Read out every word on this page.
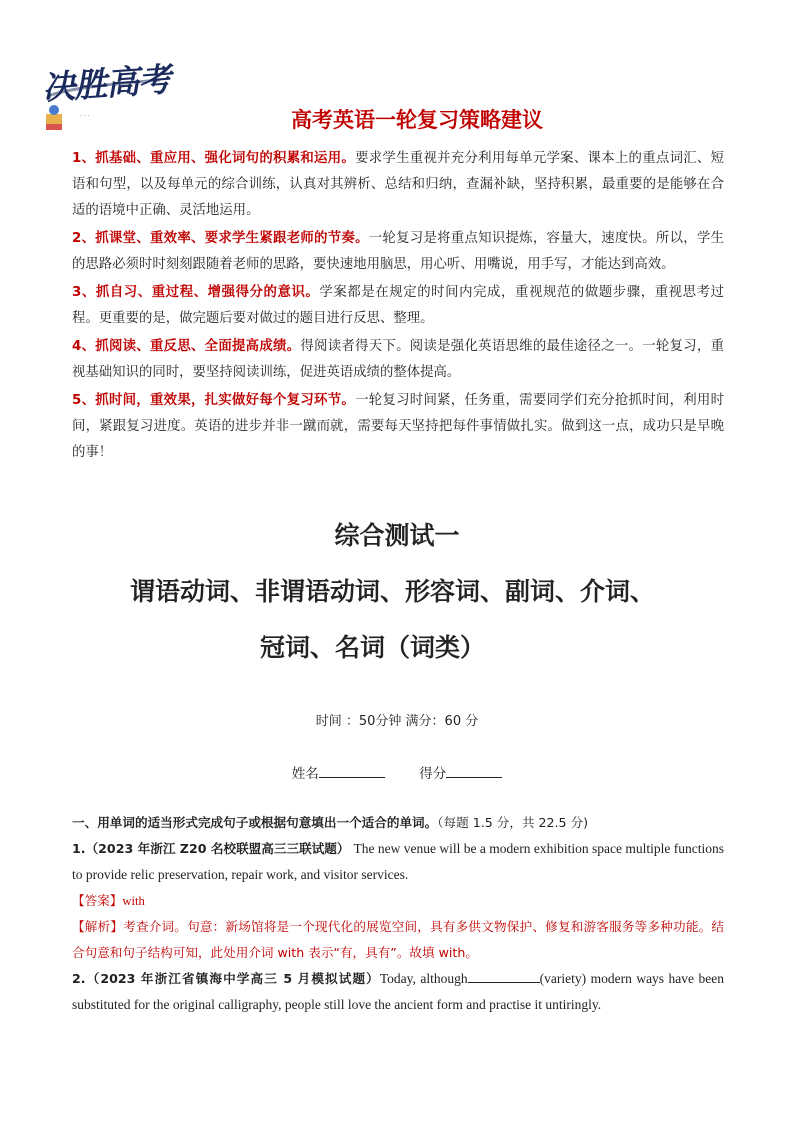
· · ·
决胜高考
高考英语一轮复习策略建议

1、抓基础、重应用、强化词句的积累和运用。要求学生重视并充分利用每单元学案、课本上的重点词汇、短语和句型，以及每单元的综合训练，认真对其辨析、总结和归纳，查漏补缺，坚持积累，最重要的是能够在合适的语境中正确、灵活地运用。

2、抓课堂、重效率、要求学生紧跟老师的节奏。一轮复习是将重点知识提炼，容量大，速度快。所以，学生的思路必须时时刻刻跟随着老师的思路，要快速地用脑思，用心听、用嘴说，用手写，才能达到高效。

3、抓自习、重过程、增强得分的意识。学案都是在规定的时间内完成，重视规范的做题步骤，重视思考过程。更重要的是，做完题后要对做过的题目进行反思、整理。

4、抓阅读、重反思、全面提高成绩。得阅读者得天下。阅读是强化英语思维的最佳途径之一。一轮复习，重视基础知识的同时，要坚持阅读训练，促进英语成绩的整体提高。

5、抓时间，重效果，扎实做好每个复习环节。一轮复习时间紧，任务重，需要同学们充分抢抓时间，利用时间，紧跟复习进度。英语的进步并非一蹴而就，需要每天坚持把每件事情做扎实。做到这一点，成功只是早晚的事！

综合测试一
谓语动词、非谓语动词、形容词、副词、介词、
冠词、名词（词类）
时间 ：50分钟 满分：60 分
姓名	得分

一、用单词的适当形式完成句子或根据句意填出一个适合的单词。（每题 1.5 分，共 22.5 分)

1.（2023 年浙江 Z20 名校联盟高三三联试题） The new venue will be a modern exhibition space multiple functions to provide relic preservation, repair work, and visitor services.

【答案】with

【解析】考查介词。句意：新场馆将是一个现代化的展览空间，具有多供文物保护、修复和游客服务等多种功能。结合句意和句子结构可知，此处用介词 with 表示“有，具有”。故填 with。

2.（2023 年浙江省镇海中学高三 5 月模拟试题）Today, although	(variety) modern ways have been substituted for the original calligraphy, people still love the ancient form and practise it untiringly.
